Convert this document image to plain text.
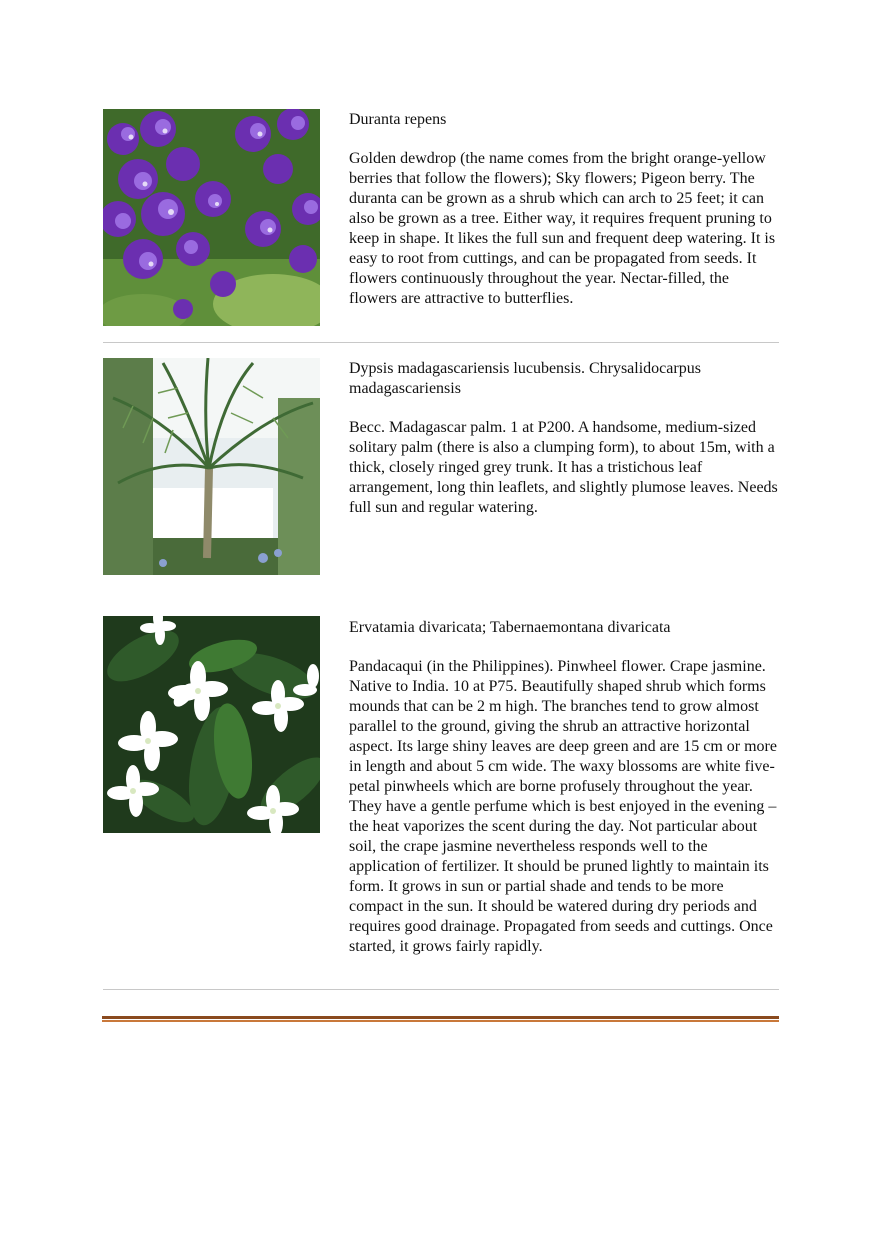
Duranta repens

Golden dewdrop (the name comes from the bright orange-yellow berries that follow the flowers); Sky flowers; Pigeon berry. The duranta can be grown as a shrub which can arch to 25 feet; it can also be grown as a tree. Either way, it requires frequent pruning to keep in shape. It likes the full sun and frequent deep watering. It is easy to root from cuttings, and can be propagated from seeds. It flowers continuously throughout the year. Nectar-filled, the flowers are attractive to butterflies.

Dypsis madagascariensis lucubensis. Chrysalidocarpus madagascariensis

Becc. Madagascar palm. 1 at P200. A handsome, medium-sized solitary palm (there is also a clumping form), to about 15m, with a thick, closely ringed grey trunk. It has a tristichous leaf arrangement, long thin leaflets, and slightly plumose leaves. Needs full sun and regular watering.

Ervatamia divaricata; Tabernaemontana divaricata

Pandacaqui (in the Philippines). Pinwheel flower. Crape jasmine. Native to India. 10 at P75. Beautifully shaped shrub which forms mounds that can be 2 m high. The branches tend to grow almost parallel to the ground, giving the shrub an attractive horizontal aspect. Its large shiny leaves are deep green and are 15 cm or more in length and about 5 cm wide. The waxy blossoms are white five-petal pinwheels which are borne profusely throughout the year. They have a gentle perfume which is best enjoyed in the evening – the heat vaporizes the scent during the day. Not particular about soil, the crape jasmine nevertheless responds well to the application of fertilizer. It should be pruned lightly to maintain its form. It grows in sun or partial shade and tends to be more compact in the sun. It should be watered during dry periods and requires good drainage. Propagated from seeds and cuttings. Once started, it grows fairly rapidly.
